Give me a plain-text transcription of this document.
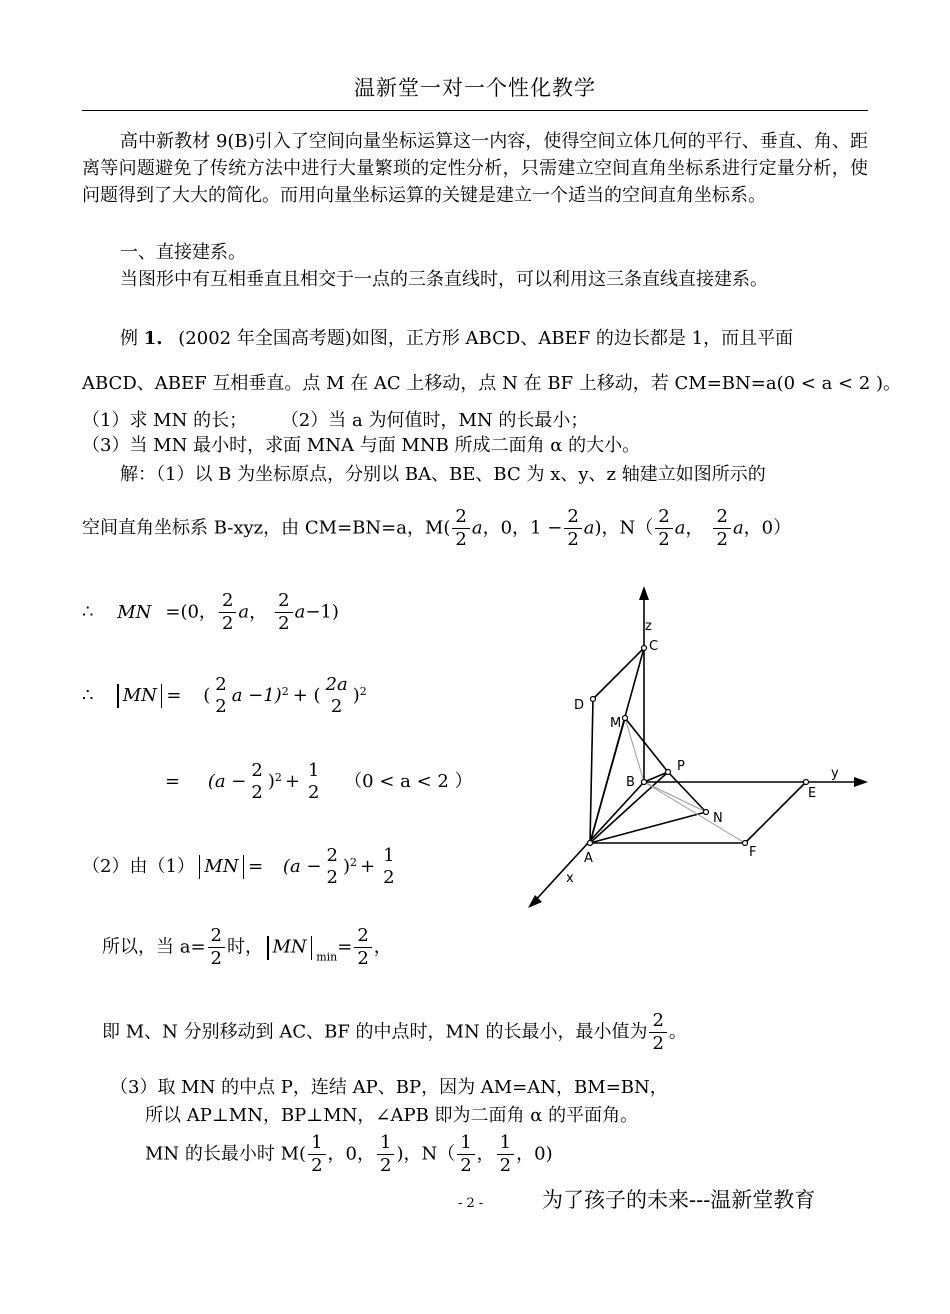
温新堂一对一个性化教学
高中新教材 9(B)引入了空间向量坐标运算这一内容，使得空间立体几何的平行、垂直、角、距离等问题避免了传统方法中进行大量繁琐的定性分析，只需建立空间直角坐标系进行定量分析，使问题得到了大大的简化。而用向量坐标运算的关键是建立一个适当的空间直角坐标系。
一、直接建系。
当图形中有互相垂直且相交于一点的三条直线时，可以利用这三条直线直接建系。
例 1. (2002 年全国高考题)如图，正方形 ABCD、ABEF 的边长都是 1，而且平面
ABCD、ABEF 互相垂直。点 M 在 AC 上移动，点 N 在 BF 上移动，若 CM=BN=a(0 < a < 2 )。
（1）求 MN 的长； （2）当 a 为何值时，MN 的长最小；
（3）当 MN 最小时，求面 MNA 与面 MNB 所成二面角 α 的大小。
解：（1）以 B 为坐标原点，分别以 BA、BE、BC 为 x、y、z 轴建立如图所示的
空间直角坐标系 B-xyz，由 CM=BN=a，$M( \frac{2}{2}$ a，0，$1 - \frac{2}{2} a$)，$N( \frac{2}{2}$ a， $\frac{2}{2}$ a，0）
∴ MN =(0， $\frac{2}{2}$ a， $\frac{2}{2} a-1$)
∴ MN = (
2
2
a −1)$^2$ + (
2a
2
)$^2$
= (a −
2
2
)$^2$ +
1
2
（0 < a < 2 ）
（2）由（1） MN = (a −
2
2
)$^2$ +
1
2
所以，当 $a= \frac{2}{2}$ 时， MN $_{min}= \frac{2}{2}$ ，
即 M、N 分别移动到 AC、BF 的中点时，MN 的长最小，最小值为 $\frac{2}{2}$ 。
（3）取 MN 的中点 P，连结 AP、BP，因为 AM=AN，BM=BN，
所以 AP⊥MN，BP⊥MN，∠APB 即为二面角 α 的平面角。
MN 的长最小时 $M( \frac{1}{2}$ ，0， $\frac{1}{2}$ )，$N( \frac{1}{2}$ ， $\frac{1}{2}$ ，0)
z
C
D
M
B
P	y
E
N
F
A
x
- 2 -	为了孩子的未来---温新堂教育
